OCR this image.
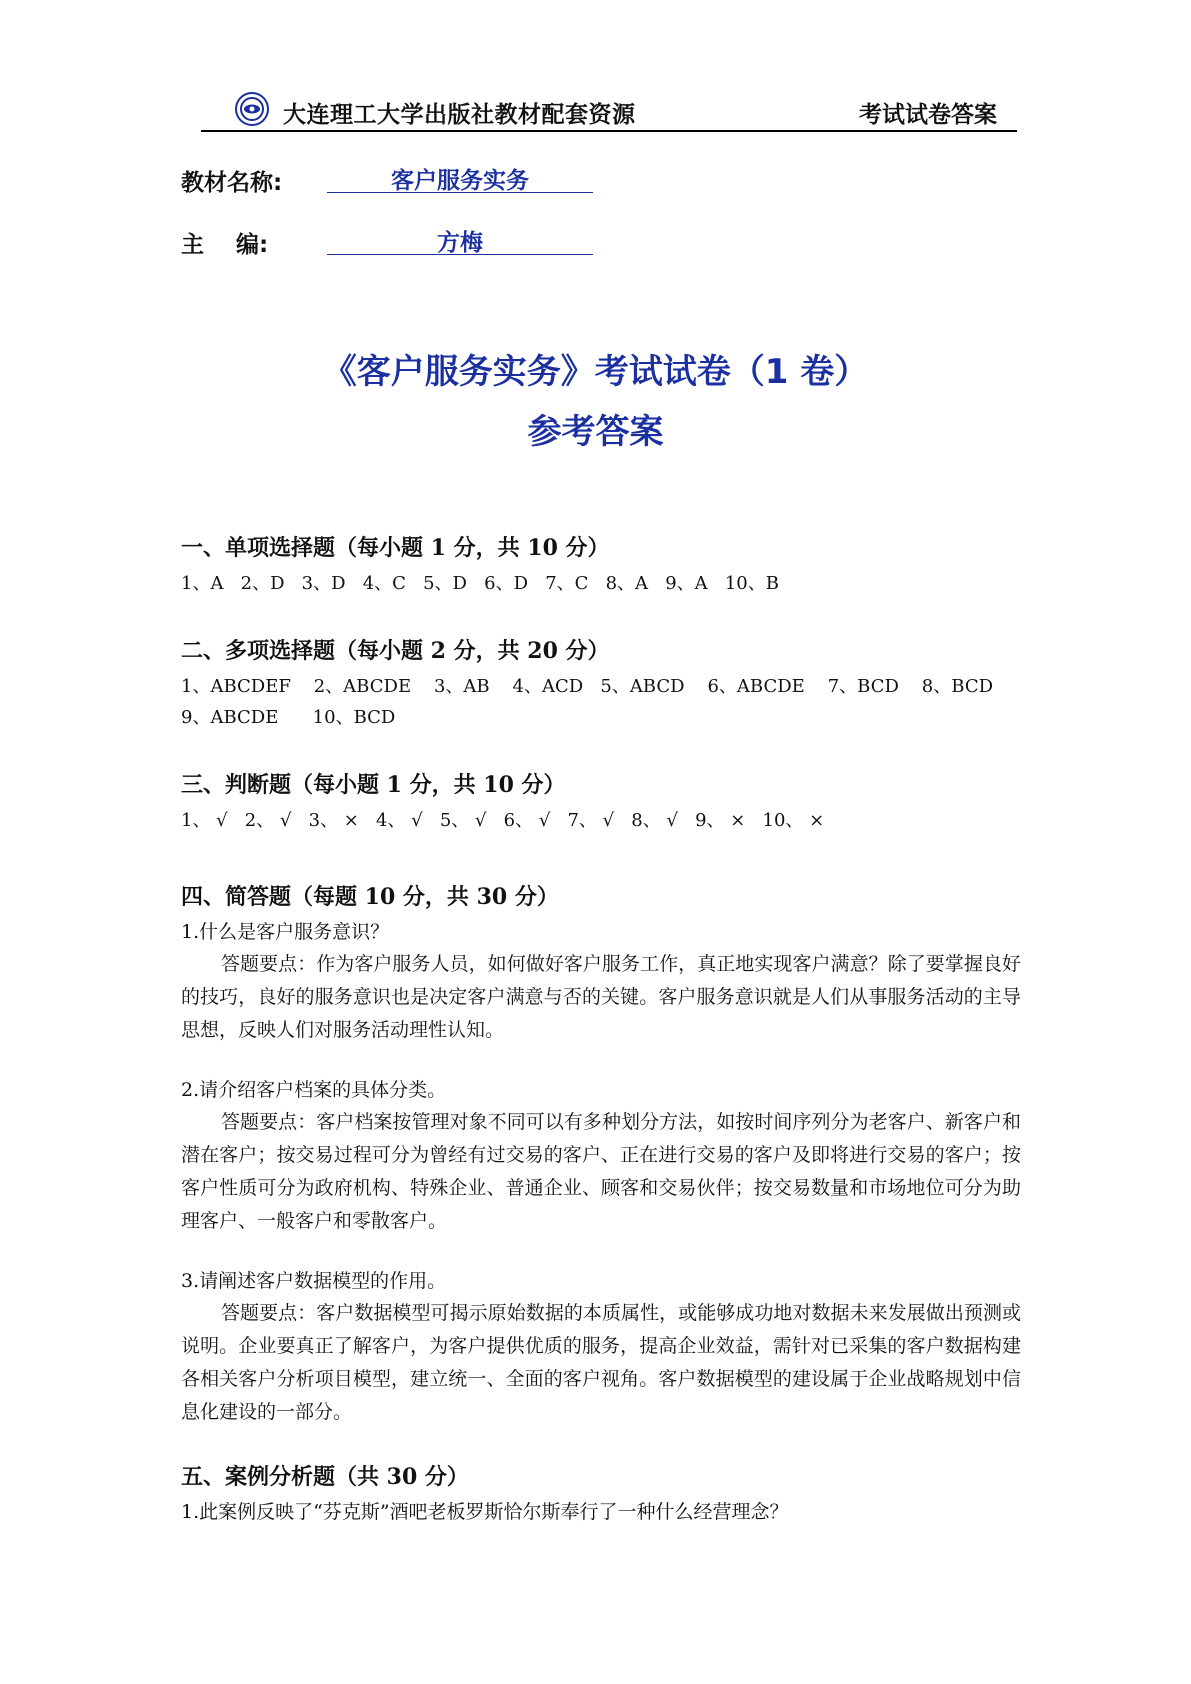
大连理工大学出版社教材配套资源	考试试卷答案
教材名称:	客户服务实务
主    编:	方梅
《客户服务实务》考试试卷（1 卷）
参考答案
一、单项选择题（每小题 1 分，共 10 分）
1、A   2、D   3、D   4、C   5、D   6、D   7、C   8、A   9、A   10、B
二、多项选择题（每小题 2 分，共 20 分）
1、ABCDEF    2、ABCDE    3、AB    4、ACD   5、ABCD    6、ABCDE    7、BCD    8、BCD
9、ABCDE      10、BCD
三、判断题（每小题 1 分，共 10 分）
1、 √   2、 √   3、 ×   4、 √   5、 √   6、 √   7、 √   8、 √   9、 ×   10、 ×
四、简答题（每题 10 分，共 30 分）
1.什么是客户服务意识？
答题要点：作为客户服务人员，如何做好客户服务工作，真正地实现客户满意？除了要掌握良好的技巧，良好的服务意识也是决定客户满意与否的关键。客户服务意识就是人们从事服务活动的主导思想，反映人们对服务活动理性认知。
2.请介绍客户档案的具体分类。
答题要点：客户档案按管理对象不同可以有多种划分方法，如按时间序列分为老客户、新客户和潜在客户；按交易过程可分为曾经有过交易的客户、正在进行交易的客户及即将进行交易的客户；按客户性质可分为政府机构、特殊企业、普通企业、顾客和交易伙伴；按交易数量和市场地位可分为助理客户、一般客户和零散客户。
3.请阐述客户数据模型的作用。
答题要点：客户数据模型可揭示原始数据的本质属性，或能够成功地对数据未来发展做出预测或说明。企业要真正了解客户，为客户提供优质的服务，提高企业效益，需针对已采集的客户数据构建各相关客户分析项目模型，建立统一、全面的客户视角。客户数据模型的建设属于企业战略规划中信息化建设的一部分。
五、案例分析题（共 30 分）
1.此案例反映了“芬克斯”酒吧老板罗斯恰尔斯奉行了一种什么经营理念？
